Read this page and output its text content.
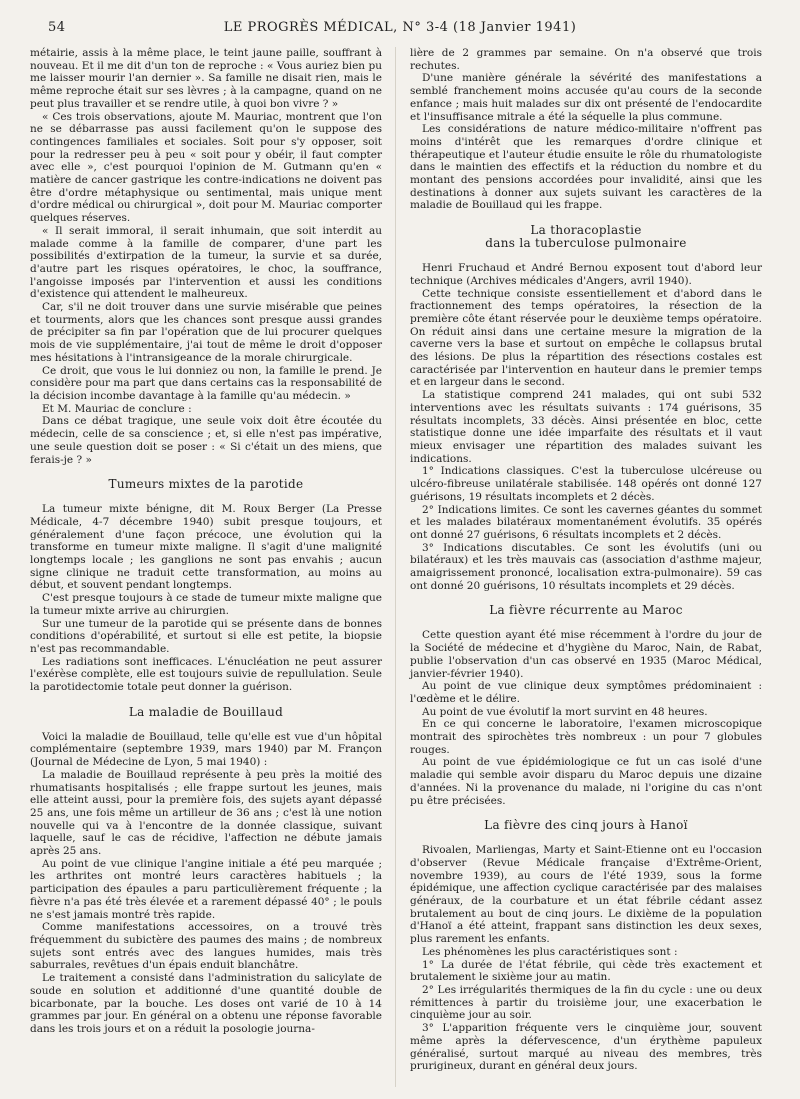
54	LE PROGRÈS MÉDICAL, N° 3-4 (18 Janvier 1941)

métairie, assis à la même place, le teint jaune paille, souffrant à nouveau. Et il me dit d'un ton de reproche : « Vous auriez bien pu me laisser mourir l'an dernier ». Sa famille ne disait rien, mais le même reproche était sur ses lèvres ; à la campagne, quand on ne peut plus travailler et se rendre utile, à quoi bon vivre ? »

« Ces trois observations, ajoute M. Mauriac, montrent que l'on ne se débarrasse pas aussi facilement qu'on le suppose des contingences familiales et sociales. Soit pour s'y opposer, soit pour la redresser peu à peu « soit pour y obéir, il faut compter avec elle », c'est pourquoi l'opinion de M. Gutmann qu'en « matière de cancer gastrique les contre-indications ne doivent pas être d'ordre métaphysique ou sentimental, mais unique ment d'ordre médical ou chirurgical », doit pour M. Mauriac comporter quelques réserves.

« Il serait immoral, il serait inhumain, que soit interdit au malade comme à la famille de comparer, d'une part les possibilités d'extirpation de la tumeur, la survie et sa durée, d'autre part les risques opératoires, le choc, la souffrance, l'angoisse imposés par l'intervention et aussi les conditions d'existence qui attendent le malheureux.

Car, s'il ne doit trouver dans une survie misérable que peines et tourments, alors que les chances sont presque aussi grandes de précipiter sa fin par l'opération que de lui procurer quelques mois de vie supplémentaire, j'ai tout de même le droit d'opposer mes hésitations à l'intransigeance de la morale chirurgicale.

Ce droit, que vous le lui donniez ou non, la famille le prend. Je considère pour ma part que dans certains cas la responsabilité de la décision incombe davantage à la famille qu'au médecin. »

Et M. Mauriac de conclure :

Dans ce débat tragique, une seule voix doit être écoutée du médecin, celle de sa conscience ; et, si elle n'est pas impérative, une seule question doit se poser : « Si c'était un des miens, que ferais-je ? »

Tumeurs mixtes de la parotide

La tumeur mixte bénigne, dit M. Roux Berger (La Presse Médicale, 4-7 décembre 1940) subit presque toujours, et généralement d'une façon précoce, une évolution qui la transforme en tumeur mixte maligne. Il s'agit d'une malignité longtemps locale ; les ganglions ne sont pas envahis ; aucun signe clinique ne traduit cette transformation, au moins au début, et souvent pendant longtemps.

C'est presque toujours à ce stade de tumeur mixte maligne que la tumeur mixte arrive au chirurgien.

Sur une tumeur de la parotide qui se présente dans de bonnes conditions d'opérabilité, et surtout si elle est petite, la biopsie n'est pas recommandable.

Les radiations sont inefficaces. L'énucléation ne peut assurer l'exérèse complète, elle est toujours suivie de repullulation. Seule la parotidectomie totale peut donner la guérison.

La maladie de Bouillaud

Voici la maladie de Bouillaud, telle qu'elle est vue d'un hôpital complémentaire (septembre 1939, mars 1940) par M. Françon (Journal de Médecine de Lyon, 5 mai 1940) :

La maladie de Bouillaud représente à peu près la moitié des rhumatisants hospitalisés ; elle frappe surtout les jeunes, mais elle atteint aussi, pour la première fois, des sujets ayant dépassé 25 ans, une fois même un artilleur de 36 ans ; c'est là une notion nouvelle qui va à l'encontre de la donnée classique, suivant laquelle, sauf le cas de récidive, l'affection ne débute jamais après 25 ans.

Au point de vue clinique l'angine initiale a été peu marquée ; les arthrites ont montré leurs caractères habituels ; la participation des épaules a paru particulièrement fréquente ; la fièvre n'a pas été très élevée et a rarement dépassé 40° ; le pouls ne s'est jamais montré très rapide.

Comme manifestations accessoires, on a trouvé très fréquemment du subictère des paumes des mains ; de nombreux sujets sont entrés avec des langues humides, mais très saburrales, revêtues d'un épais enduit blanchâtre.

Le traitement a consisté dans l'administration du salicylate de soude en solution et additionné d'une quantité double de bicarbonate, par la bouche. Les doses ont varié de 10 à 14 grammes par jour. En général on a obtenu une réponse favorable dans les trois jours et on a réduit la posologie journa-

lière de 2 grammes par semaine. On n'a observé que trois rechutes.

D'une manière générale la sévérité des manifestations a semblé franchement moins accusée qu'au cours de la seconde enfance ; mais huit malades sur dix ont présenté de l'endocardite et l'insuffisance mitrale a été la séquelle la plus commune.

Les considérations de nature médico-militaire n'offrent pas moins d'intérêt que les remarques d'ordre clinique et thérapeutique et l'auteur étudie ensuite le rôle du rhumatologiste dans le maintien des effectifs et la réduction du nombre et du montant des pensions accordées pour invalidité, ainsi que les destinations à donner aux sujets suivant les caractères de la maladie de Bouillaud qui les frappe.

La thoracoplastie
dans la tuberculose pulmonaire

Henri Fruchaud et André Bernou exposent tout d'abord leur technique (Archives médicales d'Angers, avril 1940).

Cette technique consiste essentiellement et d'abord dans le fractionnement des temps opératoires, la résection de la première côte étant réservée pour le deuxième temps opératoire. On réduit ainsi dans une certaine mesure la migration de la caverne vers la base et surtout on empêche le collapsus brutal des lésions. De plus la répartition des résections costales est caractérisée par l'intervention en hauteur dans le premier temps et en largeur dans le second.

La statistique comprend 241 malades, qui ont subi 532 interventions avec les résultats suivants : 174 guérisons, 35 résultats incomplets, 33 décès. Ainsi présentée en bloc, cette statistique donne une idée imparfaite des résultats et il vaut mieux envisager une répartition des malades suivant les indications.

1° Indications classiques. C'est la tuberculose ulcéreuse ou ulcéro-fibreuse unilatérale stabilisée. 148 opérés ont donné 127 guérisons, 19 résultats incomplets et 2 décès.

2° Indications limites. Ce sont les cavernes géantes du sommet et les malades bilatéraux momentanément évolutifs. 35 opérés ont donné 27 guérisons, 6 résultats incomplets et 2 décès.

3° Indications discutables. Ce sont les évolutifs (uni ou bilatéraux) et les très mauvais cas (association d'asthme majeur, amaigrissement prononcé, localisation extra-pulmonaire). 59 cas ont donné 20 guérisons, 10 résultats incomplets et 29 décès.

La fièvre récurrente au Maroc

Cette question ayant été mise récemment à l'ordre du jour de la Société de médecine et d'hygiène du Maroc, Nain, de Rabat, publie l'observation d'un cas observé en 1935 (Maroc Médical, janvier-février 1940).

Au point de vue clinique deux symptômes prédominaient : l'œdème et le délire.

Au point de vue évolutif la mort survint en 48 heures.

En ce qui concerne le laboratoire, l'examen microscopique montrait des spirochètes très nombreux : un pour 7 globules rouges.

Au point de vue épidémiologique ce fut un cas isolé d'une maladie qui semble avoir disparu du Maroc depuis une dizaine d'années. Ni la provenance du malade, ni l'origine du cas n'ont pu être précisées.

La fièvre des cinq jours à Hanoï

Rivoalen, Marliengas, Marty et Saint-Etienne ont eu l'occasion d'observer (Revue Médicale française d'Extrême-Orient, novembre 1939), au cours de l'été 1939, sous la forme épidémique, une affection cyclique caractérisée par des malaises généraux, de la courbature et un état fébrile cédant assez brutalement au bout de cinq jours. Le dixième de la population d'Hanoï a été atteint, frappant sans distinction les deux sexes, plus rarement les enfants.

Les phénomènes les plus caractéristiques sont :

1° La durée de l'état fébrile, qui cède très exactement et brutalement le sixième jour au matin.

2° Les irrégularités thermiques de la fin du cycle : une ou deux rémittences à partir du troisième jour, une exacerbation le cinquième jour au soir.

3° L'apparition fréquente vers le cinquième jour, souvent même après la défervescence, d'un érythème papuleux généralisé, surtout marqué au niveau des membres, très prurigineux, durant en général deux jours.
